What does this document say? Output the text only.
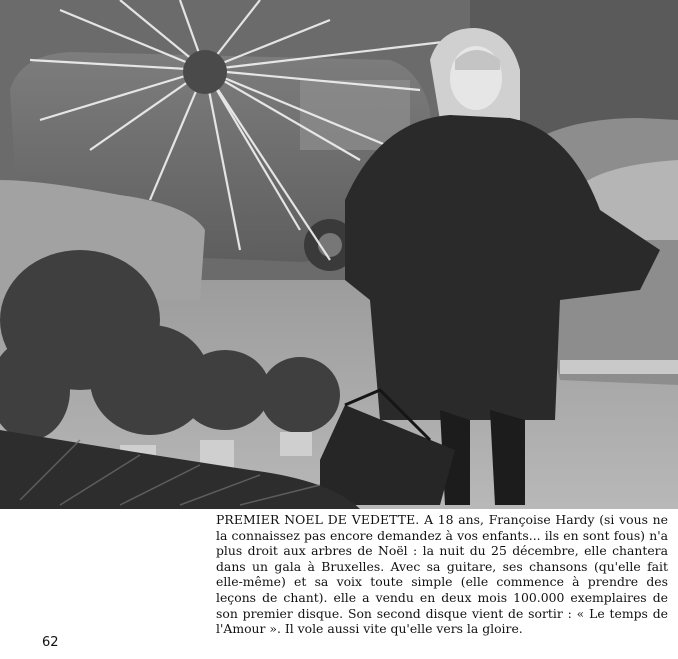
PREMIER NOEL DE VEDETTE. A 18 ans, Françoise Hardy (si vous ne la connaissez pas encore demandez à vos enfants... ils en sont fous) n'a plus droit aux arbres de Noël : la nuit du 25 décembre, elle chantera dans un gala à Bruxelles. Avec sa guitare, ses chansons (qu'elle fait elle-même) et sa voix toute simple (elle commence à prendre des leçons de chant). elle a vendu en deux mois 100.000 exemplaires de son premier disque. Son second disque vient de sortir : « Le temps de l'Amour ». Il vole aussi vite qu'elle vers la gloire.

62
